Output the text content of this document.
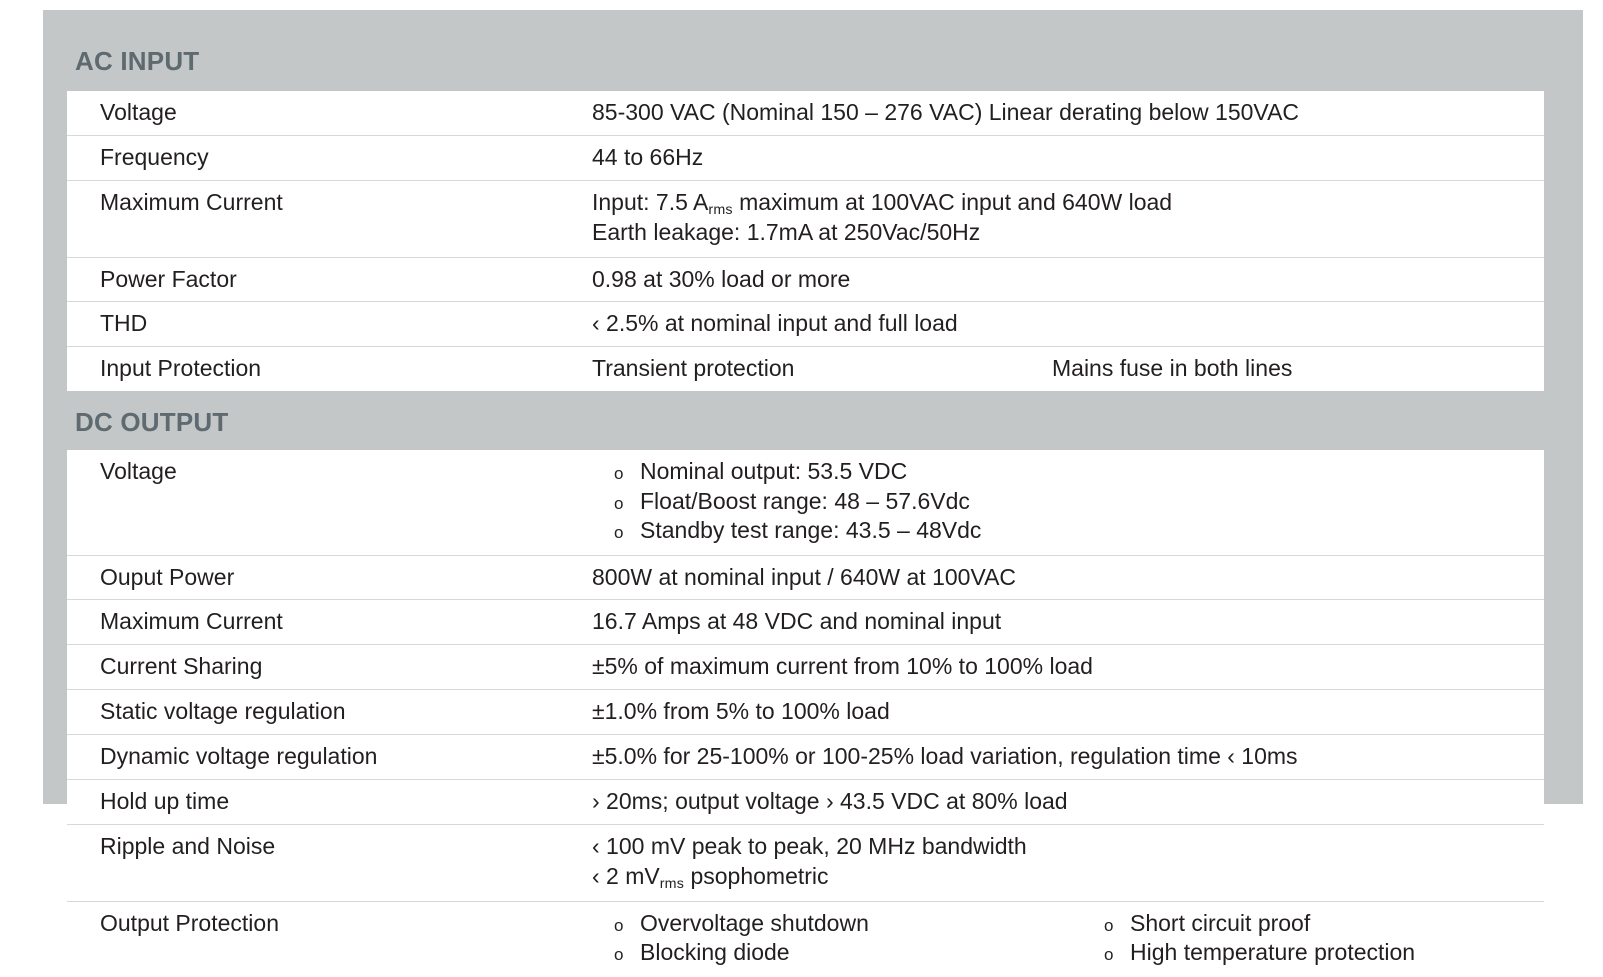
AC INPUT
Voltage	85-300 VAC (Nominal 150 – 276 VAC) Linear derating below 150VAC
Frequency	44 to 66Hz
Maximum Current	Input: 7.5 $A_{rms}$ maximum at 100VAC input and 640W load
Earth leakage: 1.7mA at 250Vac/50Hz
Power Factor	0.98 at 30% load or more
THD	‹ 2.5% at nominal input and full load
Input Protection	Transient protection	Mains fuse in both lines
DC OUTPUT
Voltage	o Nominal output: 53.5 VDC
o Float/Boost range: 48 – 57.6Vdc
o Standby test range: 43.5 – 48Vdc
Ouput Power	800W at nominal input / 640W at 100VAC
Maximum Current	16.7 Amps at 48 VDC and nominal input
Current Sharing	±5% of maximum current from 10% to 100% load
Static voltage regulation	±1.0% from 5% to 100% load
Dynamic voltage regulation	±5.0% for 25-100% or 100-25% load variation, regulation time ‹ 10ms
Hold up time	› 20ms; output voltage › 43.5 VDC at 80% load
Ripple and Noise	‹ 100 mV peak to peak, 20 MHz bandwidth
‹ 2 $mV_{rms}$ psophometric
Output Protection	o Overvoltage shutdown
o Blocking diode
o Short circuit proof
o High temperature protection
